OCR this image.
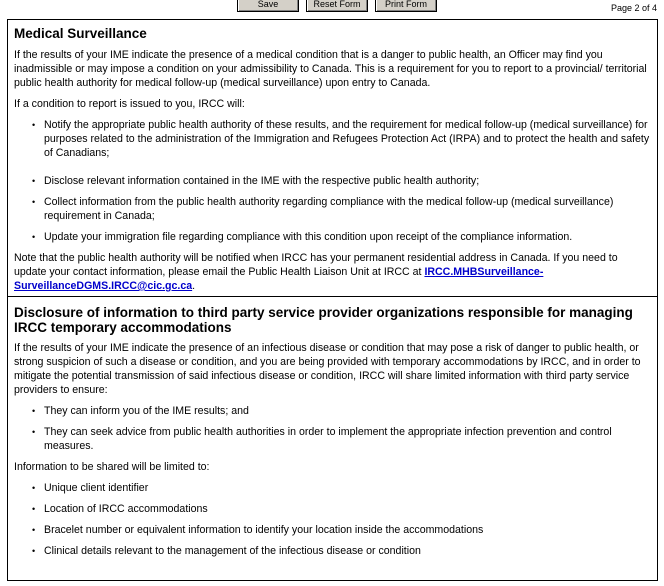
Save	Reset Form	Print Form	Page 2 of 4
Medical Surveillance

If the results of your IME indicate the presence of a medical condition that is a danger to public health, an Officer may find you inadmissible or may impose a condition on your admissibility to Canada. This is a requirement for you to report to a provincial/ territorial public health authority for medical follow-up (medical surveillance) upon entry to Canada.

If a condition to report is issued to you, IRCC will:

• Notify the appropriate public health authority of these results, and the requirement for medical follow-up (medical surveillance) for purposes related to the administration of the Immigration and Refugees Protection Act (IRPA) and to protect the health and safety of Canadians;
• Disclose relevant information contained in the IME with the respective public health authority;
• Collect information from the public health authority regarding compliance with the medical follow-up (medical surveillance) requirement in Canada;
• Update your immigration file regarding compliance with this condition upon receipt of the compliance information.

Note that the public health authority will be notified when IRCC has your permanent residential address in Canada. If you need to update your contact information, please email the Public Health Liaison Unit at IRCC at IRCC.MHBSurveillance-SurveillanceDGMS.IRCC@cic.gc.ca.

Disclosure of information to third party service provider organizations responsible for managing IRCC temporary accommodations

If the results of your IME indicate the presence of an infectious disease or condition that may pose a risk of danger to public health, or strong suspicion of such a disease or condition, and you are being provided with temporary accommodations by IRCC, and in order to mitigate the potential transmission of said infectious disease or condition, IRCC will share limited information with third party service providers to ensure:

• They can inform you of the IME results; and
• They can seek advice from public health authorities in order to implement the appropriate infection prevention and control measures.

Information to be shared will be limited to:

• Unique client identifier
• Location of IRCC accommodations
• Bracelet number or equivalent information to identify your location inside the accommodations
• Clinical details relevant to the management of the infectious disease or condition
